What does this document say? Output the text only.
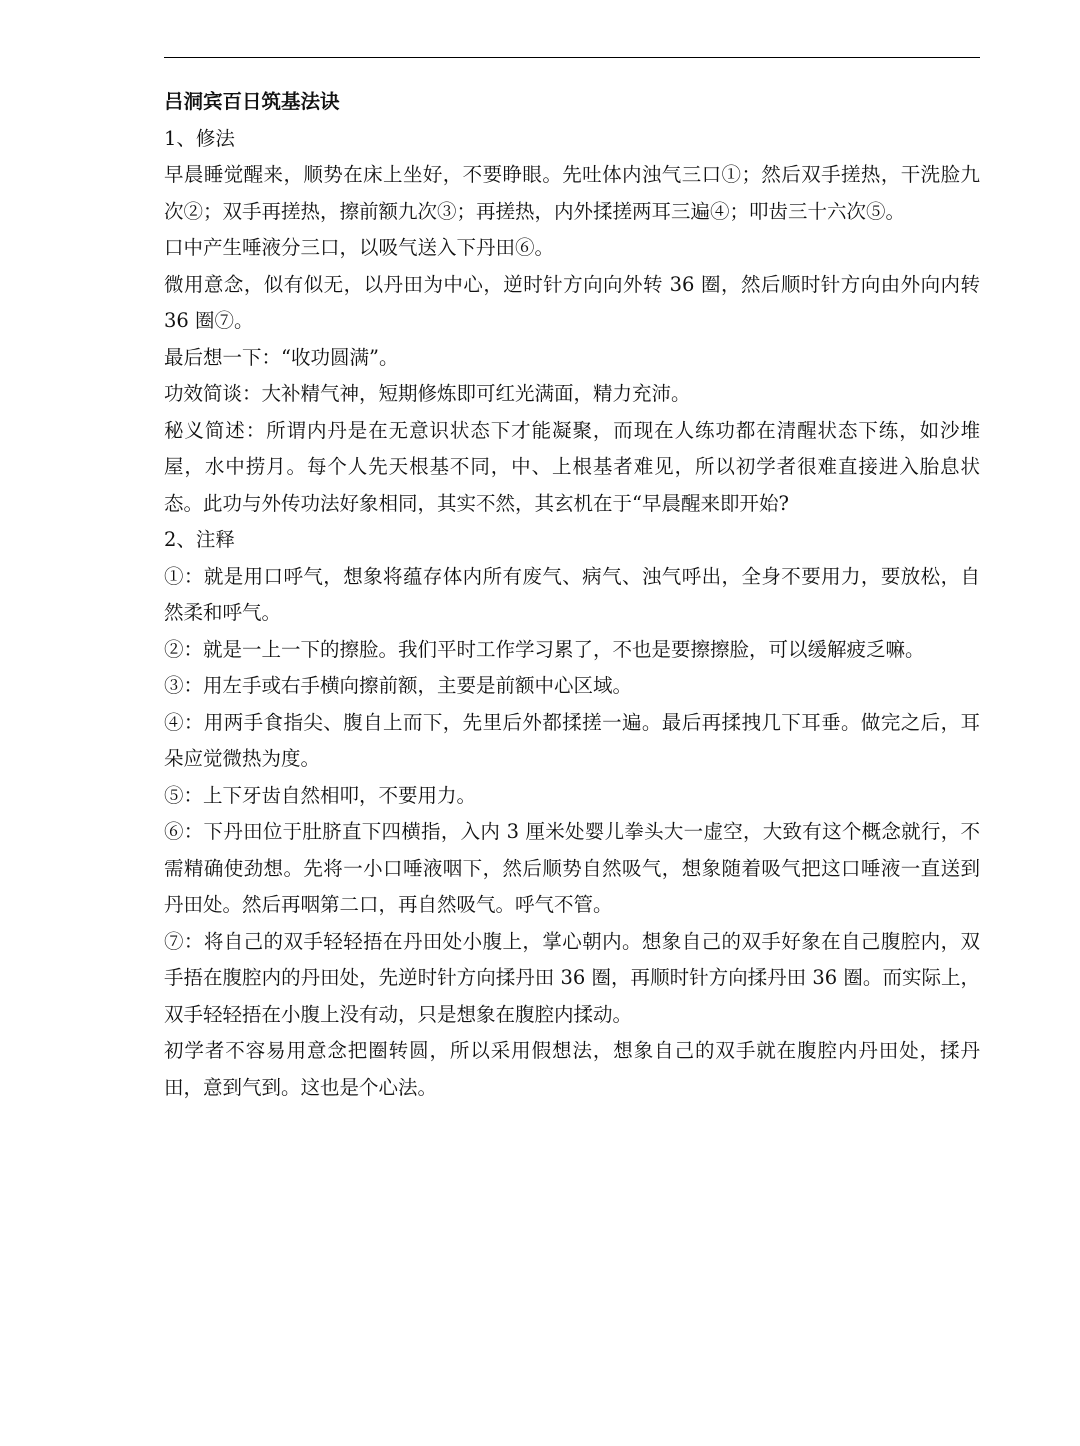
吕洞宾百日筑基法诀

1、修法

早晨睡觉醒来，顺势在床上坐好，不要睁眼。先吐体内浊气三口①；然后双手搓热，干洗脸九次②；双手再搓热，擦前额九次③；再搓热，内外揉搓两耳三遍④；叩齿三十六次⑤。

口中产生唾液分三口，以吸气送入下丹田⑥。

微用意念，似有似无，以丹田为中心，逆时针方向向外转 36 圈，然后顺时针方向由外向内转 36 圈⑦。

最后想一下：“收功圆满”。

功效简谈：大补精气神，短期修炼即可红光满面，精力充沛。

秘义简述：所谓内丹是在无意识状态下才能凝聚，而现在人练功都在清醒状态下练，如沙堆屋，水中捞月。每个人先天根基不同，中、上根基者难见，所以初学者很难直接进入胎息状态。此功与外传功法好象相同，其实不然，其玄机在于“早晨醒来即开始?

2、注释

①：就是用口呼气，想象将蕴存体内所有废气、病气、浊气呼出，全身不要用力，要放松，自然柔和呼气。

②：就是一上一下的擦脸。我们平时工作学习累了，不也是要擦擦脸，可以缓解疲乏嘛。

③：用左手或右手横向擦前额，主要是前额中心区域。

④：用两手食指尖、腹自上而下，先里后外都揉搓一遍。最后再揉拽几下耳垂。做完之后，耳朵应觉微热为度。

⑤：上下牙齿自然相叩，不要用力。

⑥：下丹田位于肚脐直下四横指，入内 3 厘米处婴儿拳头大一虚空，大致有这个概念就行，不需精确使劲想。先将一小口唾液咽下，然后顺势自然吸气，想象随着吸气把这口唾液一直送到丹田处。然后再咽第二口，再自然吸气。呼气不管。

⑦：将自己的双手轻轻捂在丹田处小腹上，掌心朝内。想象自己的双手好象在自己腹腔内，双手捂在腹腔内的丹田处，先逆时针方向揉丹田 36 圈，再顺时针方向揉丹田 36 圈。而实际上，双手轻轻捂在小腹上没有动，只是想象在腹腔内揉动。

初学者不容易用意念把圈转圆，所以采用假想法，想象自己的双手就在腹腔内丹田处，揉丹田，意到气到。这也是个心法。
